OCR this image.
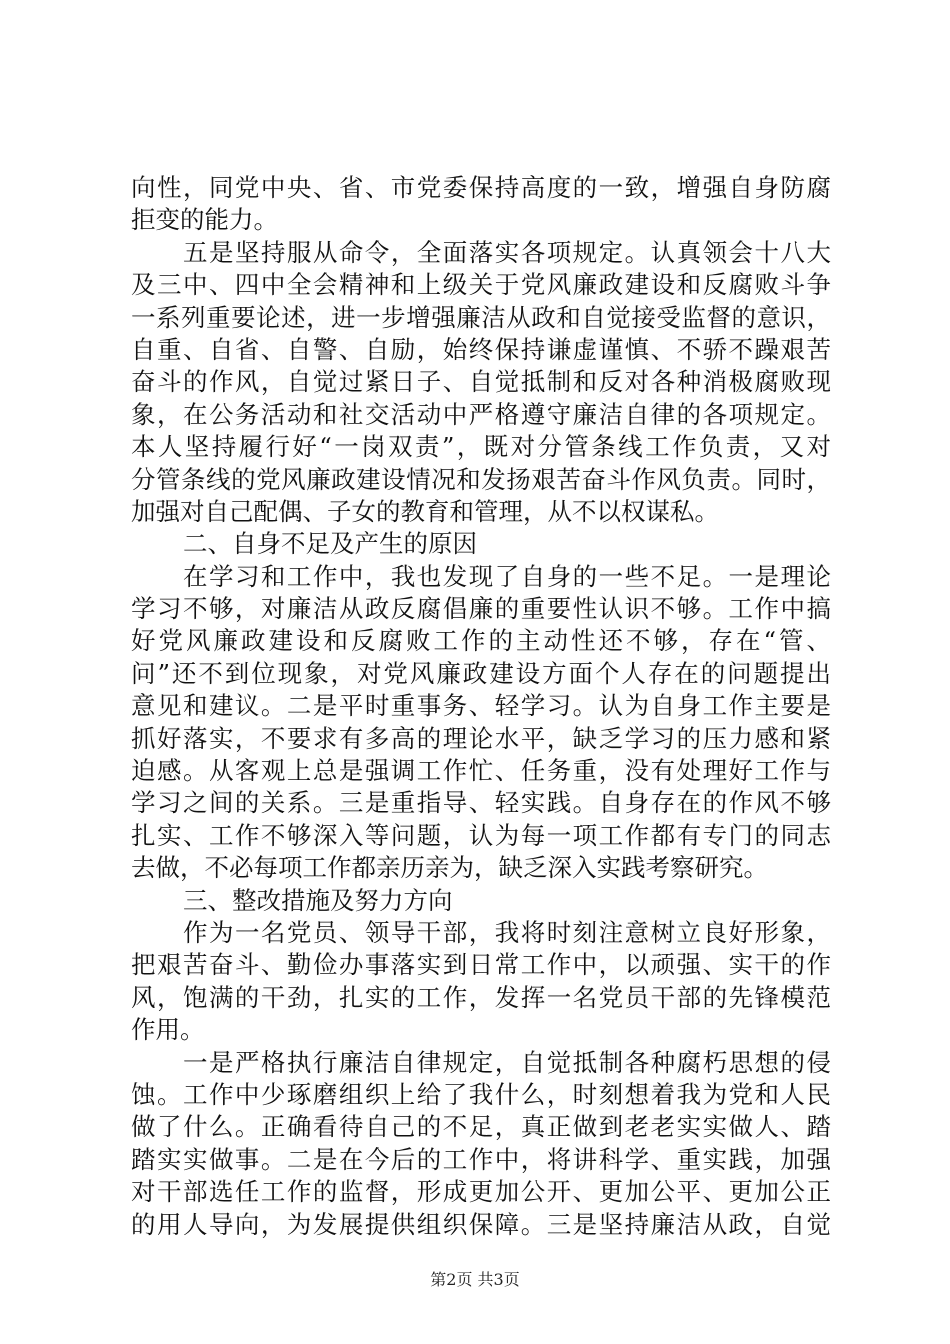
向性，同党中央、省、市党委保持高度的一致，增强自身防腐
拒变的能力。
五是坚持服从命令，全面落实各项规定。认真领会十八大
及三中、四中全会精神和上级关于党风廉政建设和反腐败斗争
一系列重要论述，进一步增强廉洁从政和自觉接受监督的意识，
自重、自省、自警、自励，始终保持谦虚谨慎、不骄不躁艰苦
奋斗的作风，自觉过紧日子、自觉抵制和反对各种消极腐败现
象，在公务活动和社交活动中严格遵守廉洁自律的各项规定。
本人坚持履行好“一岗双责”，既对分管条线工作负责，又对
分管条线的党风廉政建设情况和发扬艰苦奋斗作风负责。同时，
加强对自己配偶、子女的教育和管理，从不以权谋私。
二、自身不足及产生的原因
在学习和工作中，我也发现了自身的一些不足。一是理论
学习不够，对廉洁从政反腐倡廉的重要性认识不够。工作中搞
好党风廉政建设和反腐败工作的主动性还不够，存在“管、
问”还不到位现象，对党风廉政建设方面个人存在的问题提出
意见和建议。二是平时重事务、轻学习。认为自身工作主要是
抓好落实，不要求有多高的理论水平，缺乏学习的压力感和紧
迫感。从客观上总是强调工作忙、任务重，没有处理好工作与
学习之间的关系。三是重指导、轻实践。自身存在的作风不够
扎实、工作不够深入等问题，认为每一项工作都有专门的同志
去做，不必每项工作都亲历亲为，缺乏深入实践考察研究。
三、整改措施及努力方向
作为一名党员、领导干部，我将时刻注意树立良好形象，
把艰苦奋斗、勤俭办事落实到日常工作中，以顽强、实干的作
风，饱满的干劲，扎实的工作，发挥一名党员干部的先锋模范
作用。
一是严格执行廉洁自律规定，自觉抵制各种腐朽思想的侵
蚀。工作中少琢磨组织上给了我什么，时刻想着我为党和人民
做了什么。正确看待自己的不足，真正做到老老实实做人、踏
踏实实做事。二是在今后的工作中，将讲科学、重实践，加强
对干部选任工作的监督，形成更加公开、更加公平、更加公正
的用人导向，为发展提供组织保障。三是坚持廉洁从政，自觉
第2页 共3页
